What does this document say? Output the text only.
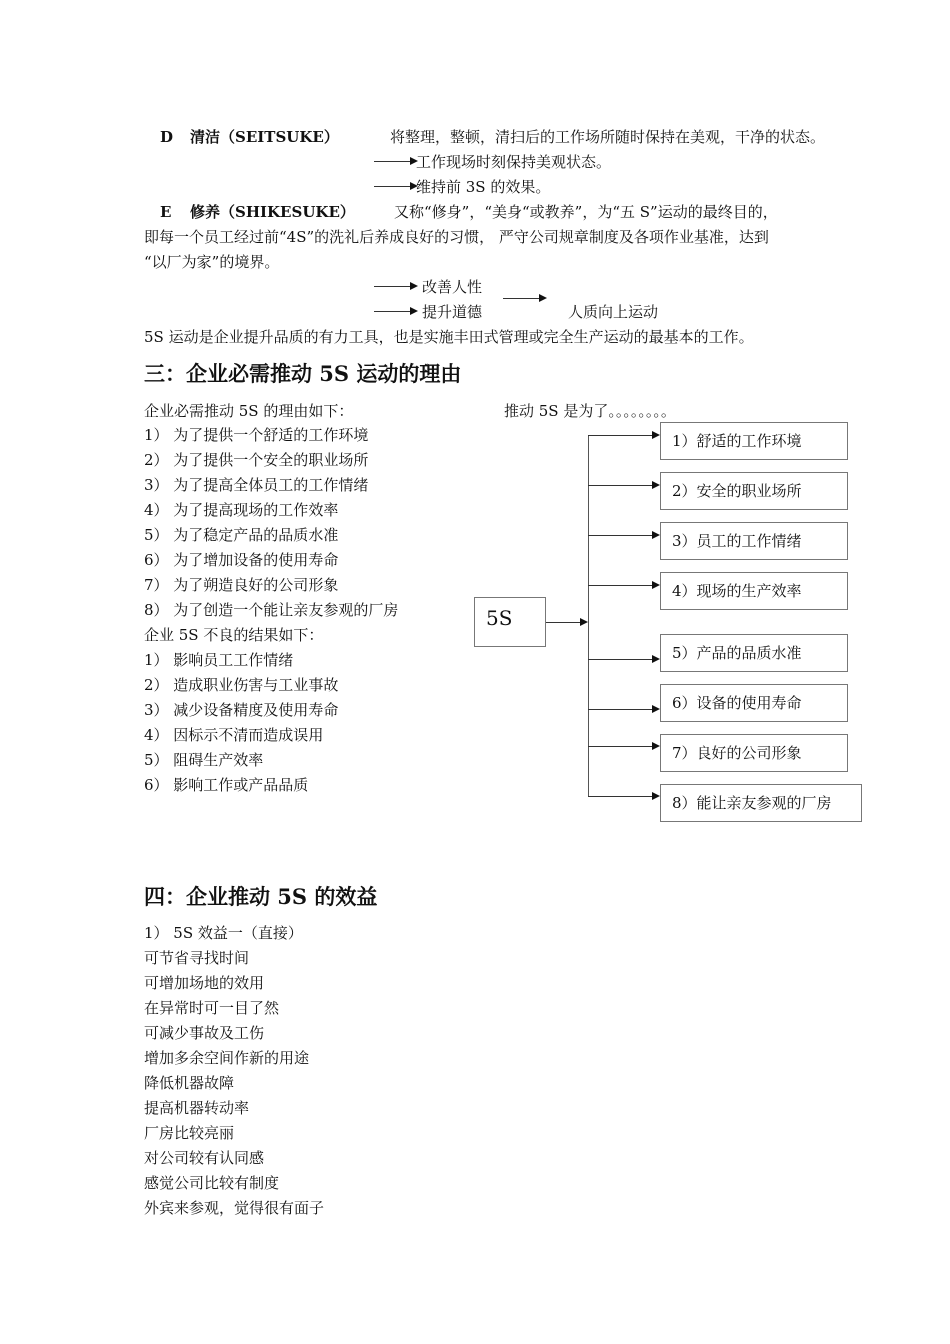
D 清洁（SEITSUKE）	将整理，整顿，清扫后的工作场所随时保持在美观，干净的状态。
工作现场时刻保持美观状态。
维持前 3S 的效果。
E 修养（SHIKESUKE）	又称“修身”，“美身“或教养”，为“五 S”运动的最终目的，
即每一个员工经过前“4S”的洗礼后养成良好的习惯， 严守公司规章制度及各项作业基准，达到
“以厂为家”的境界。
改善人性
提升道德	人质向上运动
5S 运动是企业提升品质的有力工具，也是实施丰田式管理或完全生产运动的最基本的工作。
三：企业必需推动 5S 运动的理由
企业必需推动 5S 的理由如下：
1） 为了提供一个舒适的工作环境
2） 为了提供一个安全的职业场所
3） 为了提高全体员工的工作情绪
4） 为了提高现场的工作效率
5） 为了稳定产品的品质水准
6） 为了增加设备的使用寿命
7） 为了朔造良好的公司形象
8） 为了创造一个能让亲友参观的厂房
企业 5S 不良的结果如下：
1） 影响员工工作情绪
2） 造成职业伤害与工业事故
3） 减少设备精度及使用寿命
4） 因标示不清而造成误用
5） 阻碍生产效率
6） 影响工作或产品品质
推动 5S 是为了。。。。。。。。
5S
1）舒适的工作环境
2）安全的职业场所
3）员工的工作情绪
4）现场的生产效率
5）产品的品质水准
6）设备的使用寿命
7）良好的公司形象
8）能让亲友参观的厂房
四：企业推动 5S 的效益
1） 5S 效益一（直接）
可节省寻找时间
可增加场地的效用
在异常时可一目了然
可减少事故及工伤
增加多余空间作新的用途
降低机器故障
提高机器转动率
厂房比较亮丽
对公司较有认同感
感觉公司比较有制度
外宾来参观，觉得很有面子
